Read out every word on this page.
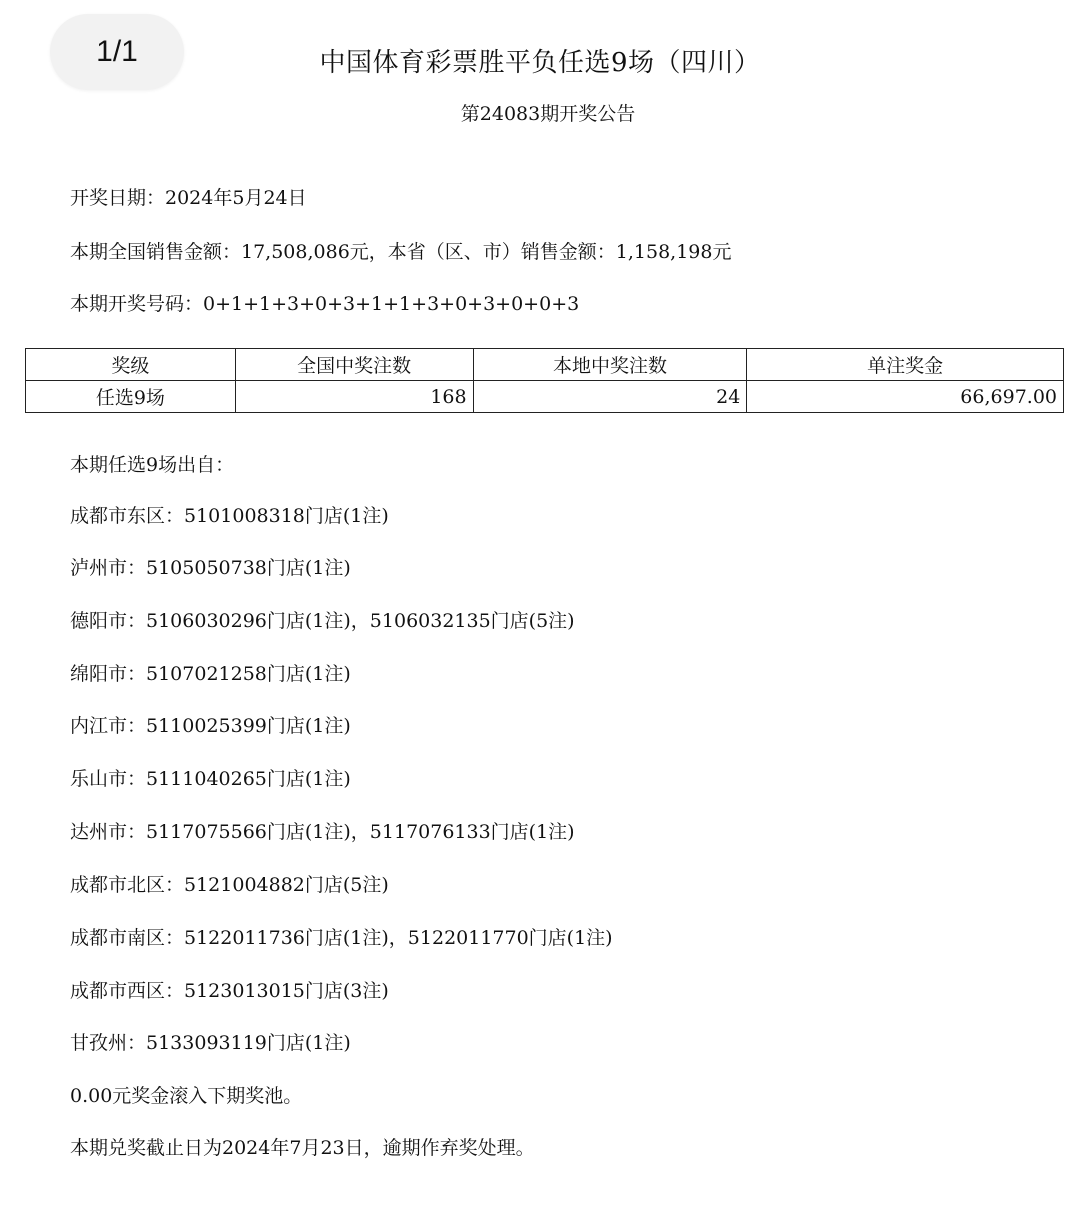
1/1	中国体育彩票胜平负任选9场（四川）
第24083期开奖公告
开奖日期：2024年5月24日
本期全国销售金额：17,508,086元，本省（区、市）销售金额：1,158,198元
本期开奖号码：0+1+1+3+0+3+1+1+3+0+3+0+0+3
奖级	全国中奖注数	本地中奖注数	单注奖金
任选9场	168	24	66,697.00
本期任选9场出自：
成都市东区：5101008318门店(1注)
泸州市：5105050738门店(1注)
德阳市：5106030296门店(1注)，5106032135门店(5注)
绵阳市：5107021258门店(1注)
内江市：5110025399门店(1注)
乐山市：5111040265门店(1注)
达州市：5117075566门店(1注)，5117076133门店(1注)
成都市北区：5121004882门店(5注)
成都市南区：5122011736门店(1注)，5122011770门店(1注)
成都市西区：5123013015门店(3注)
甘孜州：5133093119门店(1注)
0.00元奖金滚入下期奖池。
本期兑奖截止日为2024年7月23日，逾期作弃奖处理。
